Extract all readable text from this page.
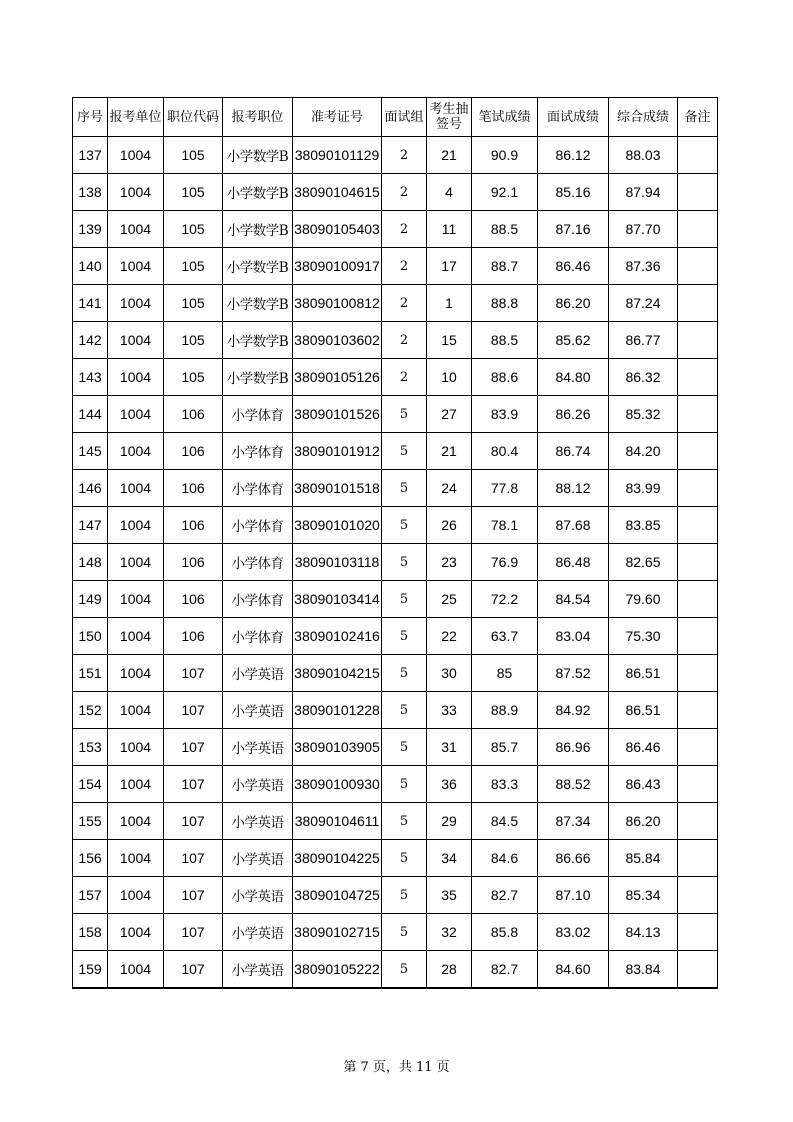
序号	报考单位	职位代码	报考职位	准考证号	面试组	考生抽签号	笔试成绩	面试成绩	综合成绩	备注
137	1004	105	小学数学B	38090101129	2	21	90.9	86.12	88.03	
138	1004	105	小学数学B	38090104615	2	4	92.1	85.16	87.94	
139	1004	105	小学数学B	38090105403	2	11	88.5	87.16	87.70	
140	1004	105	小学数学B	38090100917	2	17	88.7	86.46	87.36	
141	1004	105	小学数学B	38090100812	2	1	88.8	86.20	87.24	
142	1004	105	小学数学B	38090103602	2	15	88.5	85.62	86.77	
143	1004	105	小学数学B	38090105126	2	10	88.6	84.80	86.32	
144	1004	106	小学体育	38090101526	5	27	83.9	86.26	85.32	
145	1004	106	小学体育	38090101912	5	21	80.4	86.74	84.20	
146	1004	106	小学体育	38090101518	5	24	77.8	88.12	83.99	
147	1004	106	小学体育	38090101020	5	26	78.1	87.68	83.85	
148	1004	106	小学体育	38090103118	5	23	76.9	86.48	82.65	
149	1004	106	小学体育	38090103414	5	25	72.2	84.54	79.60	
150	1004	106	小学体育	38090102416	5	22	63.7	83.04	75.30	
151	1004	107	小学英语	38090104215	5	30	85	87.52	86.51	
152	1004	107	小学英语	38090101228	5	33	88.9	84.92	86.51	
153	1004	107	小学英语	38090103905	5	31	85.7	86.96	86.46	
154	1004	107	小学英语	38090100930	5	36	83.3	88.52	86.43	
155	1004	107	小学英语	38090104611	5	29	84.5	87.34	86.20	
156	1004	107	小学英语	38090104225	5	34	84.6	86.66	85.84	
157	1004	107	小学英语	38090104725	5	35	82.7	87.10	85.34	
158	1004	107	小学英语	38090102715	5	32	85.8	83.02	84.13	
159	1004	107	小学英语	38090105222	5	28	82.7	84.60	83.84	
第 7 页，共 11 页
